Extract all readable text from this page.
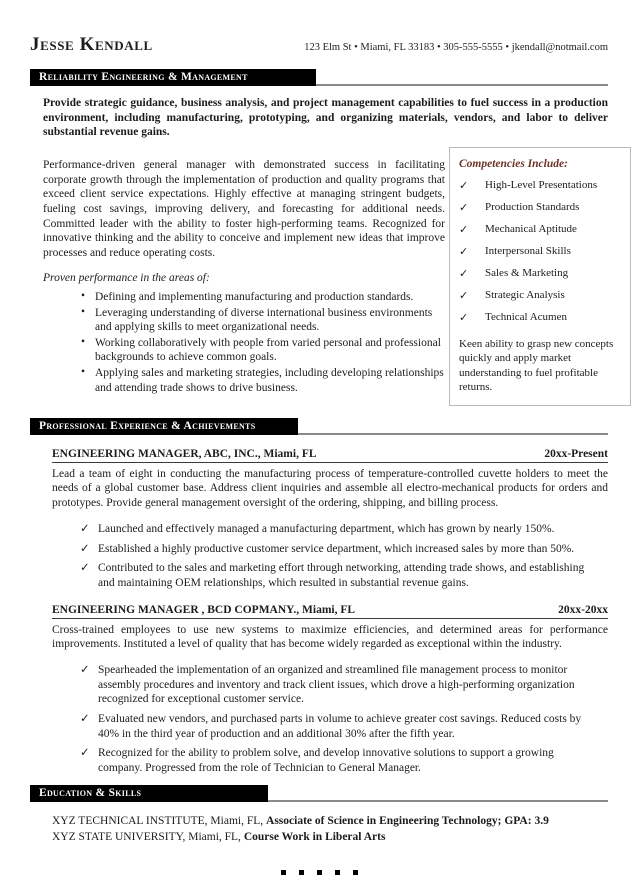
Jesse Kendall	123 Elm St • Miami, FL 33183 • 305-555-5555 • jkendall@notmail.com
Reliability Engineering & Management

Provide strategic guidance, business analysis, and project management capabilities to fuel success in a production environment, including manufacturing, prototyping, and organizing materials, vendors, and labor to deliver substantial revenue gains.

Performance-driven general manager with demonstrated success in facilitating corporate growth through the implementation of production and quality programs that exceed client service expectations. Highly effective at managing stringent budgets, fueling cost savings, improving delivery, and forecasting for additional needs. Committed leader with the ability to foster high-performing teams. Recognized for innovative thinking and the ability to conceive and implement new ideas that improve processes and reduce operating costs.

Proven performance in the areas of:
• Defining and implementing manufacturing and production standards.
• Leveraging understanding of diverse international business environments and applying skills to meet organizational needs.
• Working collaboratively with people from varied personal and professional backgrounds to achieve common goals.
• Applying sales and marketing strategies, including developing relationships and attending trade shows to drive business.
Competencies Include:
✓	High-Level Presentations
✓	Production Standards
✓	Mechanical Aptitude
✓	Interpersonal Skills
✓	Sales & Marketing
✓	Strategic Analysis
✓	Technical Acumen
Keen ability to grasp new concepts quickly and apply market understanding to fuel profitable returns.
Professional Experience & Achievements
ENGINEERING MANAGER, ABC, INC., Miami, FL	20xx-Present

Lead a team of eight in conducting the manufacturing process of temperature-controlled cuvette holders to meet the needs of a global customer base. Address client inquiries and assemble all electro-mechanical products for orders and prototypes. Provide general management oversight of the ordering, shipping, and billing process.

✓ Launched and effectively managed a manufacturing department, which has grown by nearly 150%.
✓ Established a highly productive customer service department, which increased sales by more than 50%.
✓ Contributed to the sales and marketing effort through networking, attending trade shows, and establishing and maintaining OEM relationships, which resulted in substantial revenue gains.
ENGINEERING MANAGER , BCD COPMANY., Miami, FL	20xx-20xx

Cross-trained employees to use new systems to maximize efficiencies, and determined areas for performance improvements. Instituted a level of quality that has become widely regarded as exceptional within the industry.

✓ Spearheaded the implementation of an organized and streamlined file management process to monitor assembly procedures and inventory and track client issues, which drove a high-performing organization recognized for exceptional customer service.
✓ Evaluated new vendors, and purchased parts in volume to achieve greater cost savings. Reduced costs by 40% in the third year of production and an additional 30% after the fifth year.
✓ Recognized for the ability to problem solve, and develop innovative solutions to support a growing company. Progressed from the role of Technician to General Manager.
Education & Skills
XYZ TECHNICAL INSTITUTE, Miami, FL, Associate of Science in Engineering Technology; GPA: 3.9
XYZ STATE UNIVERSITY, Miami, FL, Course Work in Liberal Arts
